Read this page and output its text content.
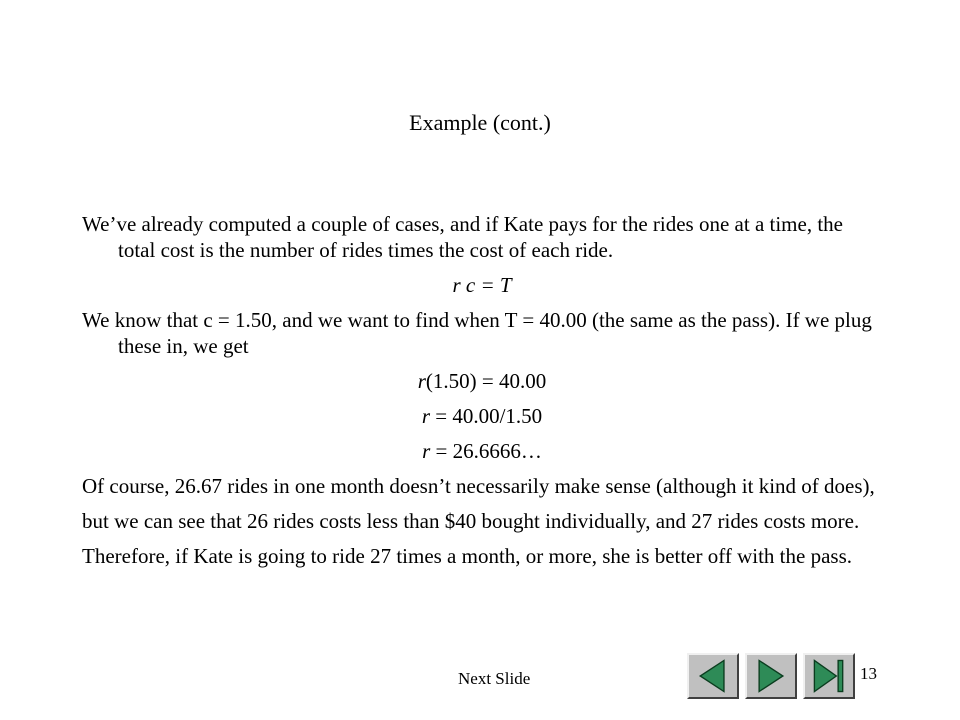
Example (cont.)

We’ve already computed a couple of cases, and if Kate pays for the rides one at a time, the total cost is the number of rides times the cost of each ride.

r c = T

We know that c = 1.50, and we want to find when T = 40.00 (the same as the pass). If we plug these in, we get

r(1.50) = 40.00

r = 40.00/1.50

r = 26.6666…

Of course, 26.67 rides in one month doesn’t necessarily make sense (although it kind of does),

but we can see that 26 rides costs less than $40 bought individually, and 27 rides costs more.

Therefore, if Kate is going to ride 27 times a month, or more, she is better off with the pass.

Next Slide	13
